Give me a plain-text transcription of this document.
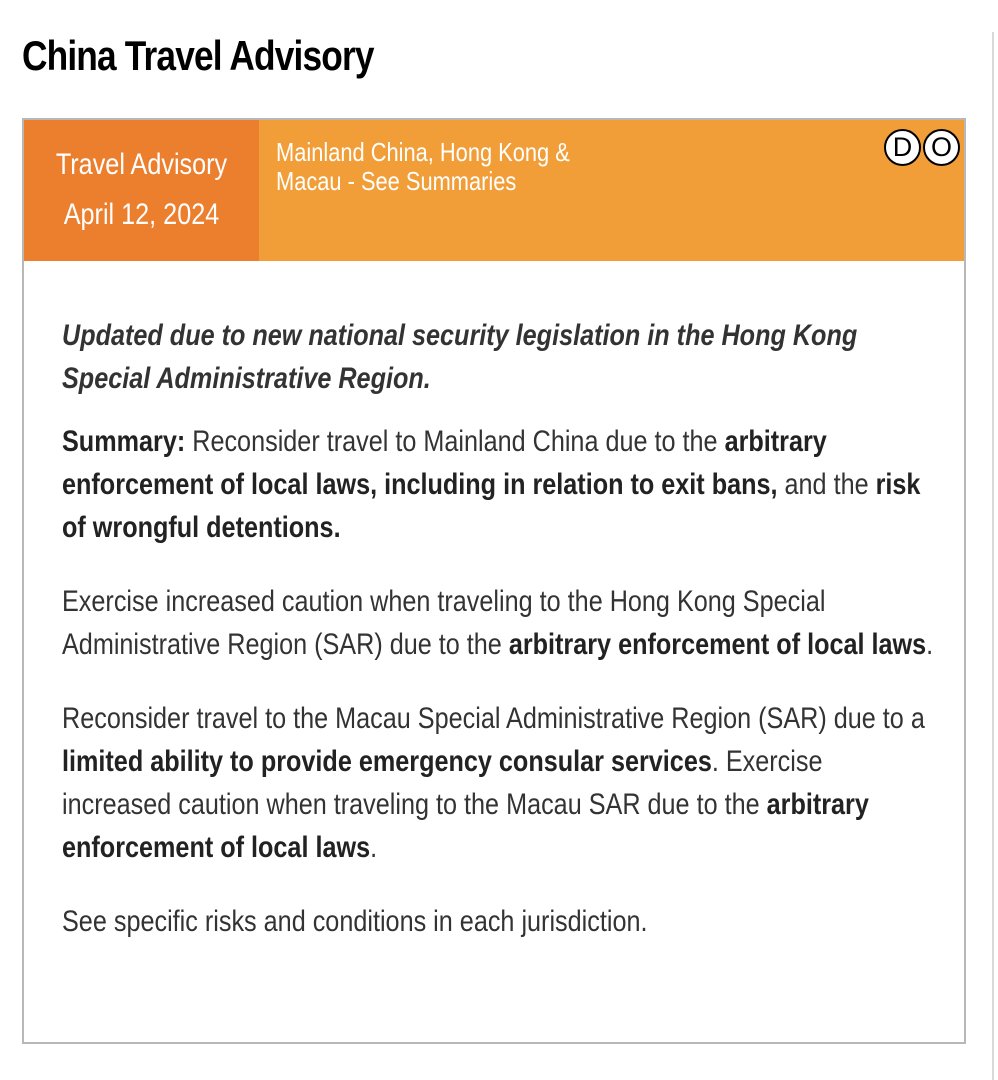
China Travel Advisory
Travel Advisory
April 12, 2024
Mainland China, Hong Kong & Macau - See Summaries
D O

Updated due to new national security legislation in the Hong Kong Special Administrative Region.

Summary: Reconsider travel to Mainland China due to the arbitrary enforcement of local laws, including in relation to exit bans, and the risk of wrongful detentions.

Exercise increased caution when traveling to the Hong Kong Special Administrative Region (SAR) due to the arbitrary enforcement of local laws.

Reconsider travel to the Macau Special Administrative Region (SAR) due to a limited ability to provide emergency consular services. Exercise increased caution when traveling to the Macau SAR due to the arbitrary enforcement of local laws.

See specific risks and conditions in each jurisdiction.
